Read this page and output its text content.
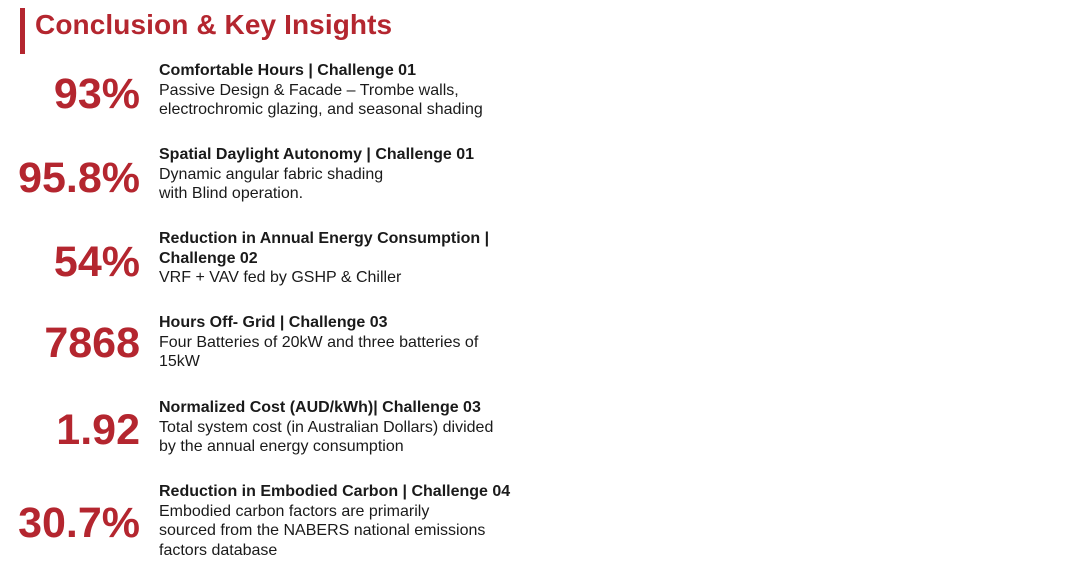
Conclusion & Key Insights
93% Comfortable Hours | Challenge 01
Passive Design & Facade – Trombe walls,
electrochromic glazing, and seasonal shading
95.8% Spatial Daylight Autonomy | Challenge 01
Dynamic angular fabric shading
with Blind operation.
54% Reduction in Annual Energy Consumption |
Challenge 02
VRF + VAV fed by GSHP & Chiller
7868 Hours Off- Grid | Challenge 03
Four Batteries of 20kW and three batteries of
15kW
1.92 Normalized Cost (AUD/kWh)| Challenge 03
Total system cost (in Australian Dollars) divided
by the annual energy consumption
30.7%
Reduction in Embodied Carbon | Challenge 04
Embodied carbon factors are primarily
sourced from the NABERS national emissions
factors database
